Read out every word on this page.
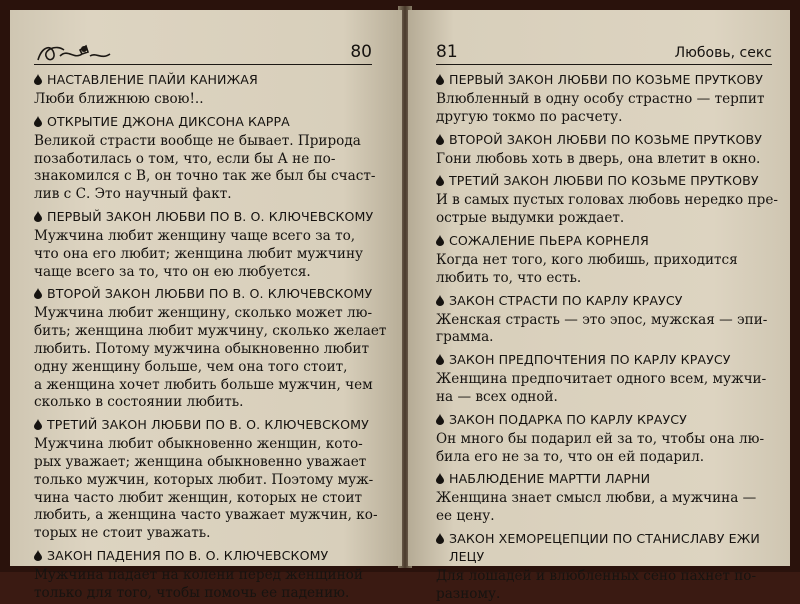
80
НАСТАВЛЕНИЕ ПАЙИ КАНИЖАЯ
Люби ближнюю свою!..
ОТКРЫТИЕ ДЖОНА ДИКСОНА КАРРА
Великой страсти вообще не бывает. Природа
позаботилась о том, что, если бы А не по-
знакомился с В, он точно так же был бы счаст-
лив с С. Это научный факт.
ПЕРВЫЙ ЗАКОН ЛЮБВИ ПО В. О. КЛЮЧЕВСКОМУ
Мужчина любит женщину чаще всего за то,
что она его любит; женщина любит мужчину
чаще всего за то, что он ею любуется.
ВТОРОЙ ЗАКОН ЛЮБВИ ПО В. О. КЛЮЧЕВСКОМУ
Мужчина любит женщину, сколько может лю-
бить; женщина любит мужчину, сколько желает
любить. Потому мужчина обыкновенно любит
одну женщину больше, чем она того стоит,
а женщина хочет любить больше мужчин, чем
сколько в состоянии любить.
ТРЕТИЙ ЗАКОН ЛЮБВИ ПО В. О. КЛЮЧЕВСКОМУ
Мужчина любит обыкновенно женщин, кото-
рых уважает; женщина обыкновенно уважает
только мужчин, которых любит. Поэтому муж-
чина часто любит женщин, которых не стоит
любить, а женщина часто уважает мужчин, ко-
торых не стоит уважать.
ЗАКОН ПАДЕНИЯ ПО В. О. КЛЮЧЕВСКОМУ
Мужчина падает на колени перед женщиной
только для того, чтобы помочь ее падению.
81	Любовь, секс
ПЕРВЫЙ ЗАКОН ЛЮБВИ ПО КОЗЬМЕ ПРУТКОВУ
Влюбленный в одну особу страстно — терпит
другую токмо по расчету.
ВТОРОЙ ЗАКОН ЛЮБВИ ПО КОЗЬМЕ ПРУТКОВУ
Гони любовь хоть в дверь, она влетит в окно.
ТРЕТИЙ ЗАКОН ЛЮБВИ ПО КОЗЬМЕ ПРУТКОВУ
И в самых пустых головах любовь нередко пре-
острые выдумки рождает.
СОЖАЛЕНИЕ ПЬЕРА КОРНЕЛЯ
Когда нет того, кого любишь, приходится
любить то, что есть.
ЗАКОН СТРАСТИ ПО КАРЛУ КРАУСУ
Женская страсть — это эпос, мужская — эпи-
грамма.
ЗАКОН ПРЕДПОЧТЕНИЯ ПО КАРЛУ КРАУСУ
Женщина предпочитает одного всем, мужчи-
на — всех одной.
ЗАКОН ПОДАРКА ПО КАРЛУ КРАУСУ
Он много бы подарил ей за то, чтобы она лю-
била его не за то, что он ей подарил.
НАБЛЮДЕНИЕ МАРТТИ ЛАРНИ
Женщина знает смысл любви, а мужчина —
ее цену.
ЗАКОН ХЕМОРЕЦЕПЦИИ ПО СТАНИСЛАВУ ЕЖИ
ЛЕЦУ
Для лошадей и влюбленных сено пахнет по-
разному.
